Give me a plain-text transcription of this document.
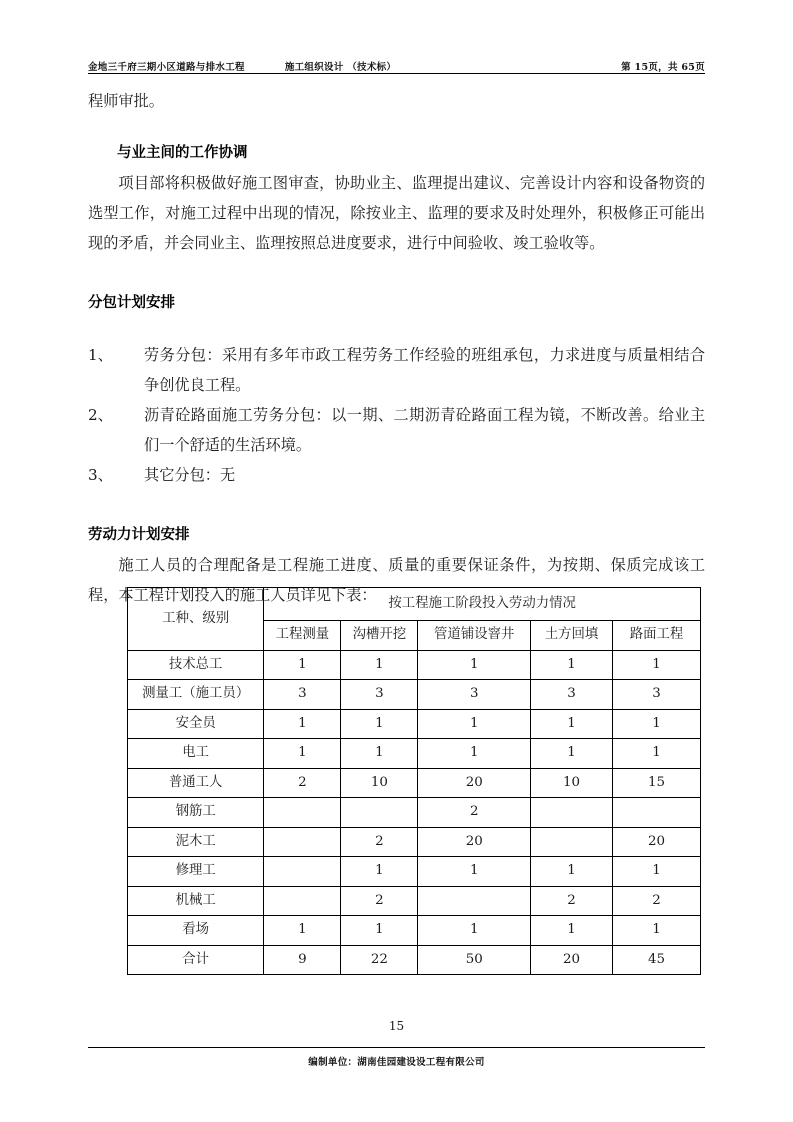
金地三千府三期小区道路与排水工程	施工组织设计 （技术标）	第 15页，共 65页

程师审批。

与业主间的工作协调

项目部将积极做好施工图审查，协助业主、监理提出建议、完善设计内容和设备物资的选型工作，对施工过程中出现的情况，除按业主、监理的要求及时处理外，积极修正可能出现的矛盾，并会同业主、监理按照总进度要求，进行中间验收、竣工验收等。

分包计划安排
1、	劳务分包：采用有多年市政工程劳务工作经验的班组承包，力求进度与质量相结合争创优良工程。
2、	沥青砼路面施工劳务分包：以一期、二期沥青砼路面工程为镜，不断改善。给业主们一个舒适的生活环境。
3、	其它分包：无
劳动力计划安排

施工人员的合理配备是工程施工进度、质量的重要保证条件，为按期、保质完成该工程，本工程计划投入的施工人员详见下表：

工种、级别	按工程施工阶段投入劳动力情况				
	工程测量	沟槽开挖	管道铺设窨井	土方回填	路面工程
技术总工	1	1	1	1	1
测量工（施工员）	3	3	3	3	3
安全员	1	1	1	1	1
电工	1	1	1	1	1
普通工人	2	10	20	10	15
钢筋工			2		
泥木工		2	20		20
修理工		1	1	1	1
机械工		2		2	2
看场	1	1	1	1	1
合计	9	22	50	20	45
15
编制单位：湖南佳园建设设工程有限公司
